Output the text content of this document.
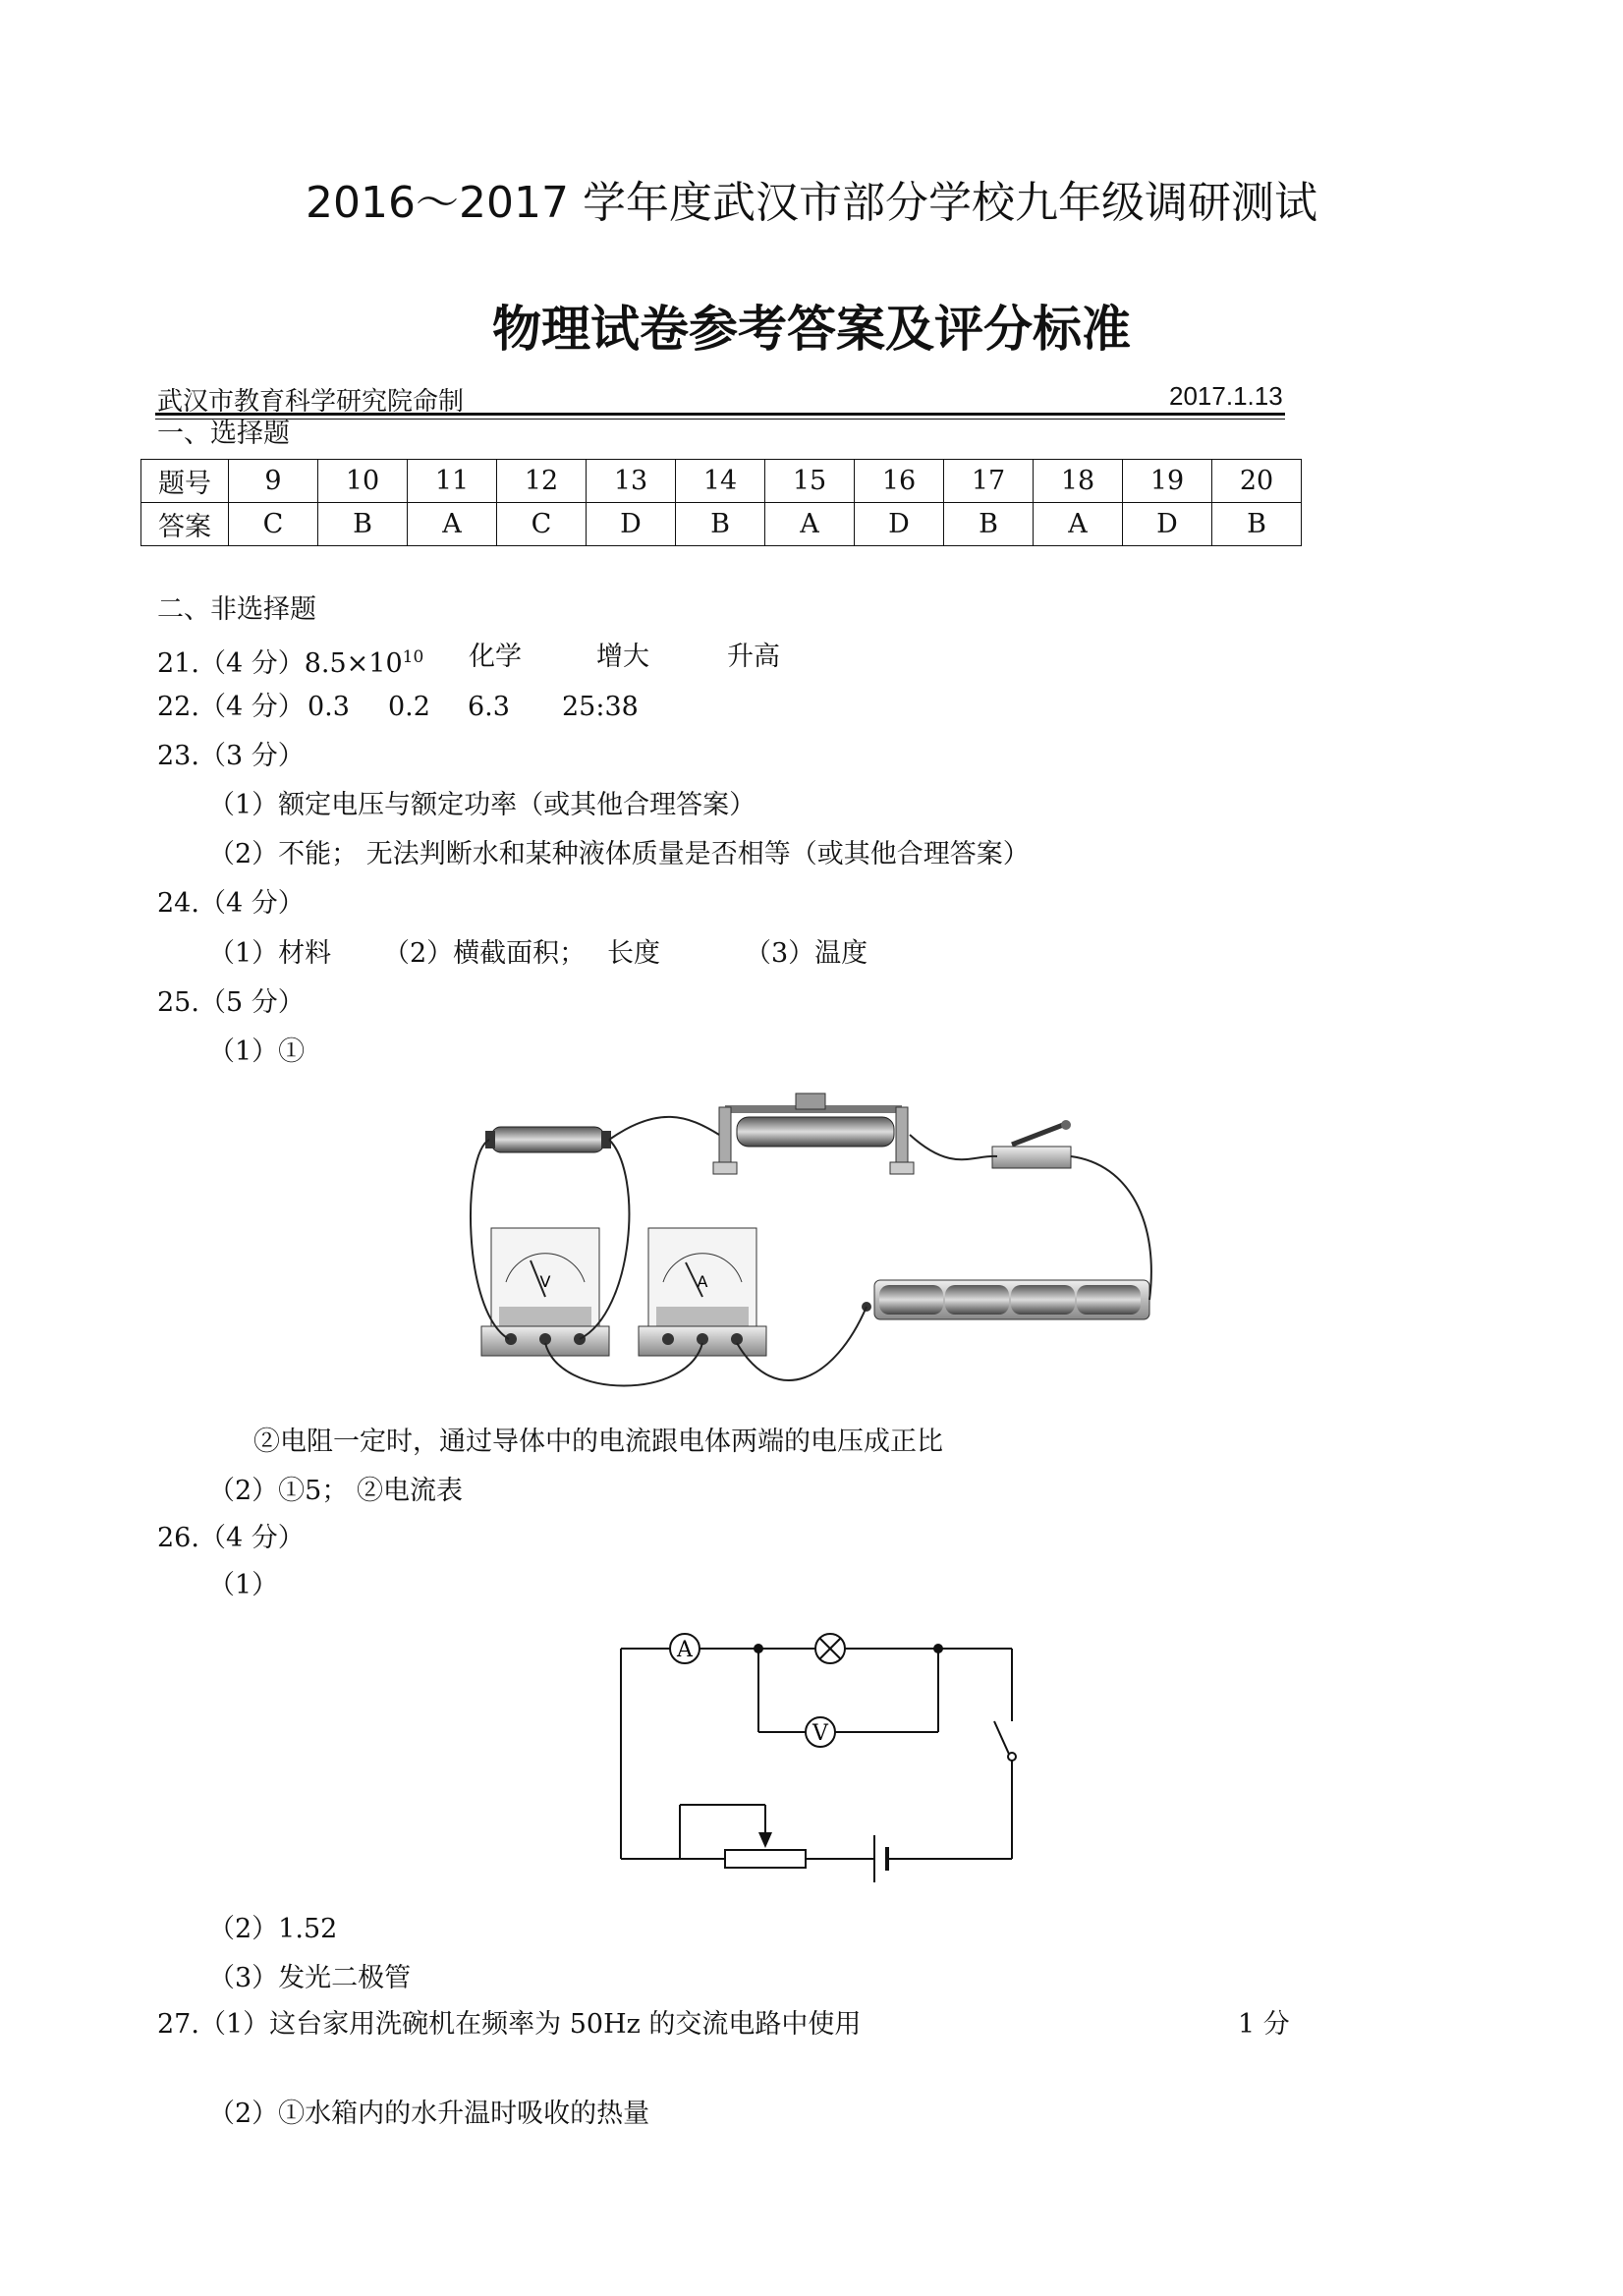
2016～2017 学年度武汉市部分学校九年级调研测试
物理试卷参考答案及评分标准
武汉市教育科学研究院命制	2017.1.13
一、选择题
题号	9	10	11	12	13	14	15	16	17	18	19	20
答案	C	B	A	C	D	B	A	D	B	A	D	B
二、非选择题
21.（4 分）$8.5\times 10^{10}$ 化学	增大	升高
22.（4 分） 0.3 0.2 6.3 25:38
23.（3 分）
（1）额定电压与额定功率（或其他合理答案）
（2）不能； 无法判断水和某种液体质量是否相等（或其他合理答案）
24.（4 分）
（1）材料 （2）横截面积； 长度	（3）温度
25.（5 分）
（1）①
V	A
②电阻一定时，通过导体中的电流跟电体两端的电压成正比
（2）①5； ②电流表
26.（4 分）
（1）
A
V
（2）1.52
（3）发光二极管
27.（1）这台家用洗碗机在频率为 50Hz 的交流电路中使用	1 分
（2）①水箱内的水升温时吸收的热量
